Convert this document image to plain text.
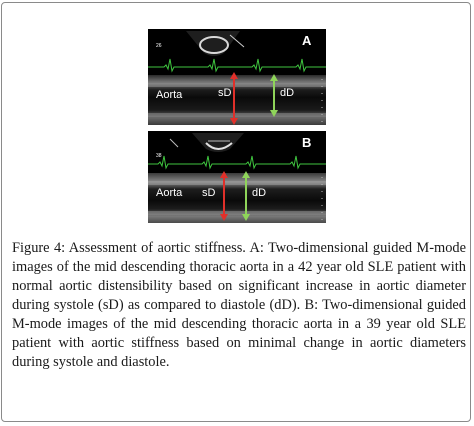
26	A
Aorta	sD	dD
38
B
Aorta sD	dD
Figure 4: Assessment of aortic stiffness. A: Two-dimensional guided M-mode images of the mid descending thoracic aorta in a 42 year old SLE patient with normal aortic distensibility based on significant increase in aortic diameter during systole (sD) as compared to diastole (dD). B: Two-dimensional guided M-mode images of the mid descending thoracic aorta in a 39 year old SLE patient with aortic stiffness based on minimal change in aortic diameters during systole and diastole.
